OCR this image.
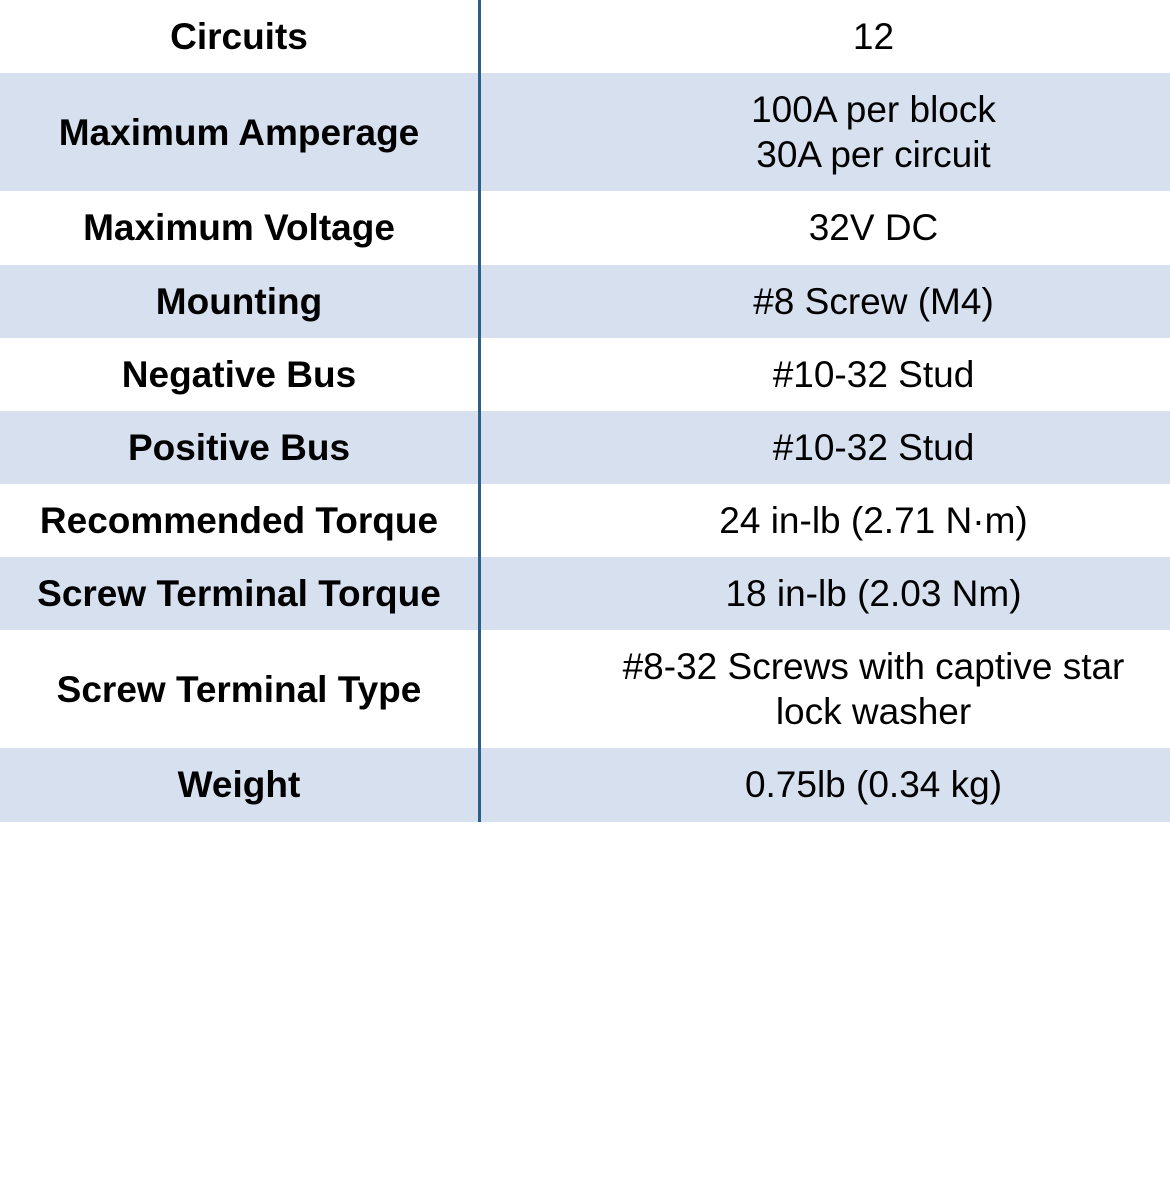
Circuits	12

Maximum Amperage	100A per block
30A per circuit

Maximum Voltage	32V DC

Mounting	#8 Screw (M4)

Negative Bus	#10-32 Stud

Positive Bus	#10-32 Stud

Recommended Torque	24 in-lb (2.71 N·m)

Screw Terminal Torque	18 in-lb (2.03 Nm)

Screw Terminal Type	#8-32 Screws with captive star
lock washer

Weight	0.75lb (0.34 kg)
